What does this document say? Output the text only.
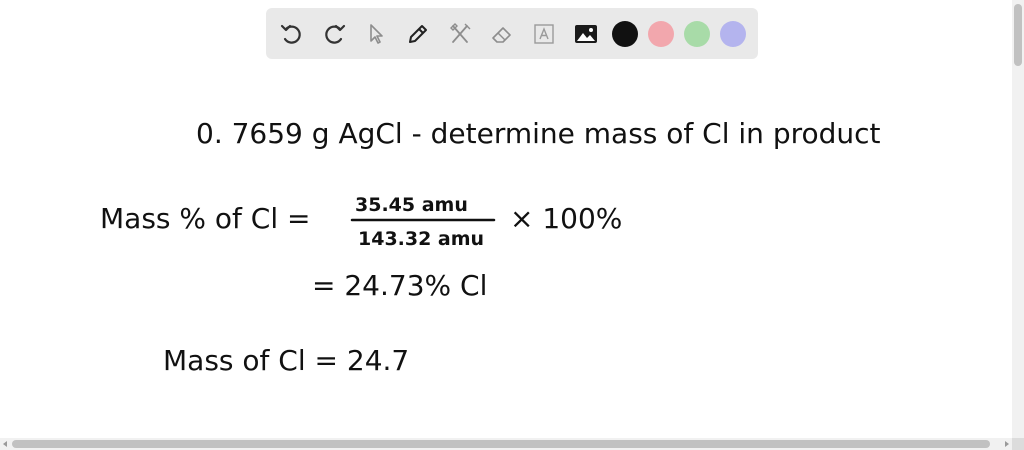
0. 7659 g AgCl - determine mass of Cl in product
Mass % of Cl = 35.45 amu
143.32 amu
× 100%
= 24.73% Cl
Mass of Cl = 24.7
